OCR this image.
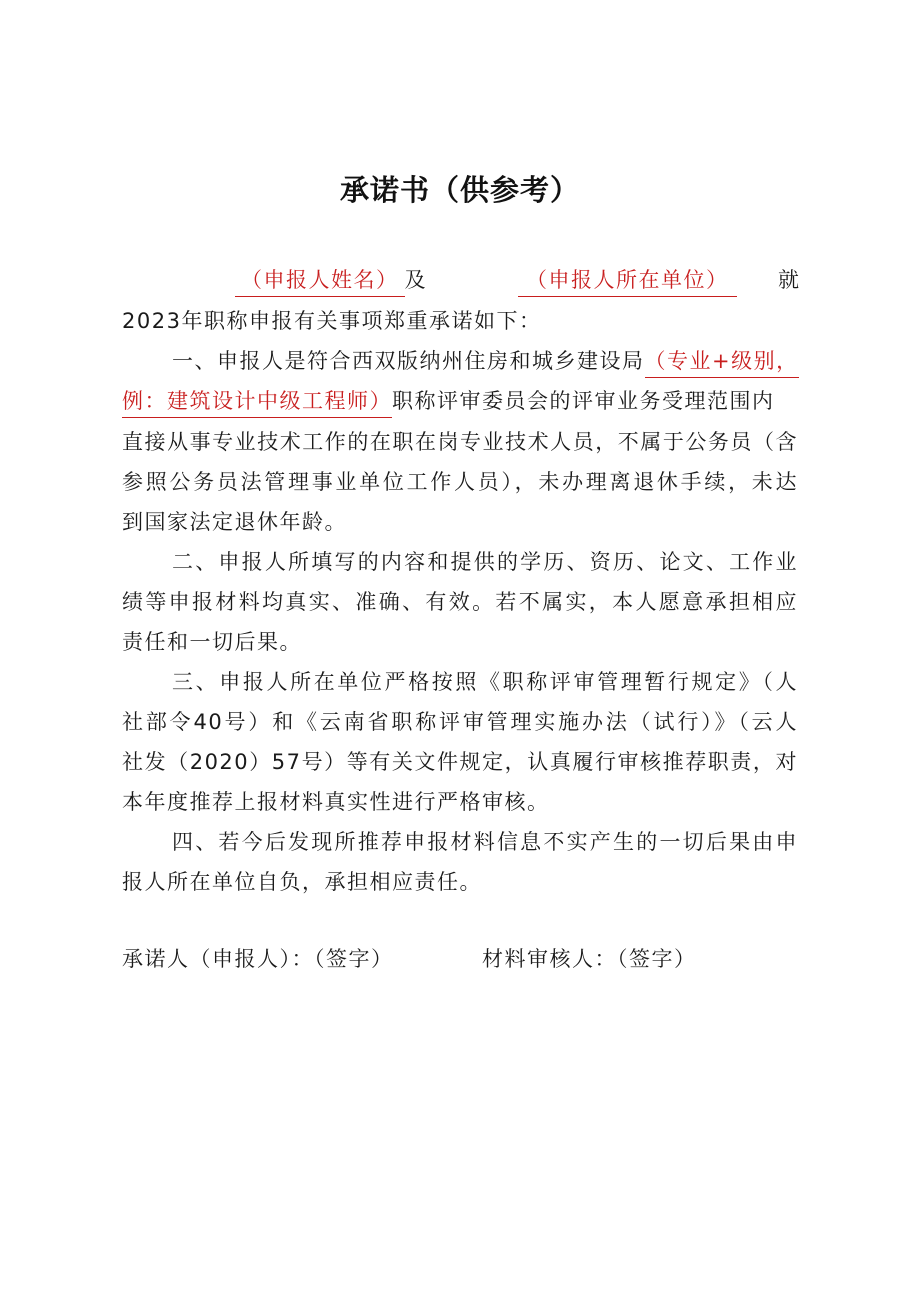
承诺书（供参考）
（申报人姓名） 及	（申报人所在单位）	就
2023年职称申报有关事项郑重承诺如下：
一、申报人是符合西双版纳州住房和城乡建设局（专业+级别，
例：建筑设计中级工程师）职称评审委员会的评审业务受理范围内
直接从事专业技术工作的在职在岗专业技术人员，不属于公务员（含
参照公务员法管理事业单位工作人员），未办理离退休手续，未达
到国家法定退休年龄。
二、申报人所填写的内容和提供的学历、资历、论文、工作业
绩等申报材料均真实、准确、有效。若不属实，本人愿意承担相应
责任和一切后果。
三、申报人所在单位严格按照《职称评审管理暂行规定》（人
社部令40号）和《云南省职称评审管理实施办法（试行）》（云人
社发（2020）57号）等有关文件规定，认真履行审核推荐职责，对
本年度推荐上报材料真实性进行严格审核。
四、若今后发现所推荐申报材料信息不实产生的一切后果由申
报人所在单位自负，承担相应责任。
承诺人（申报人）：（签字）	材料审核人：（签字）
